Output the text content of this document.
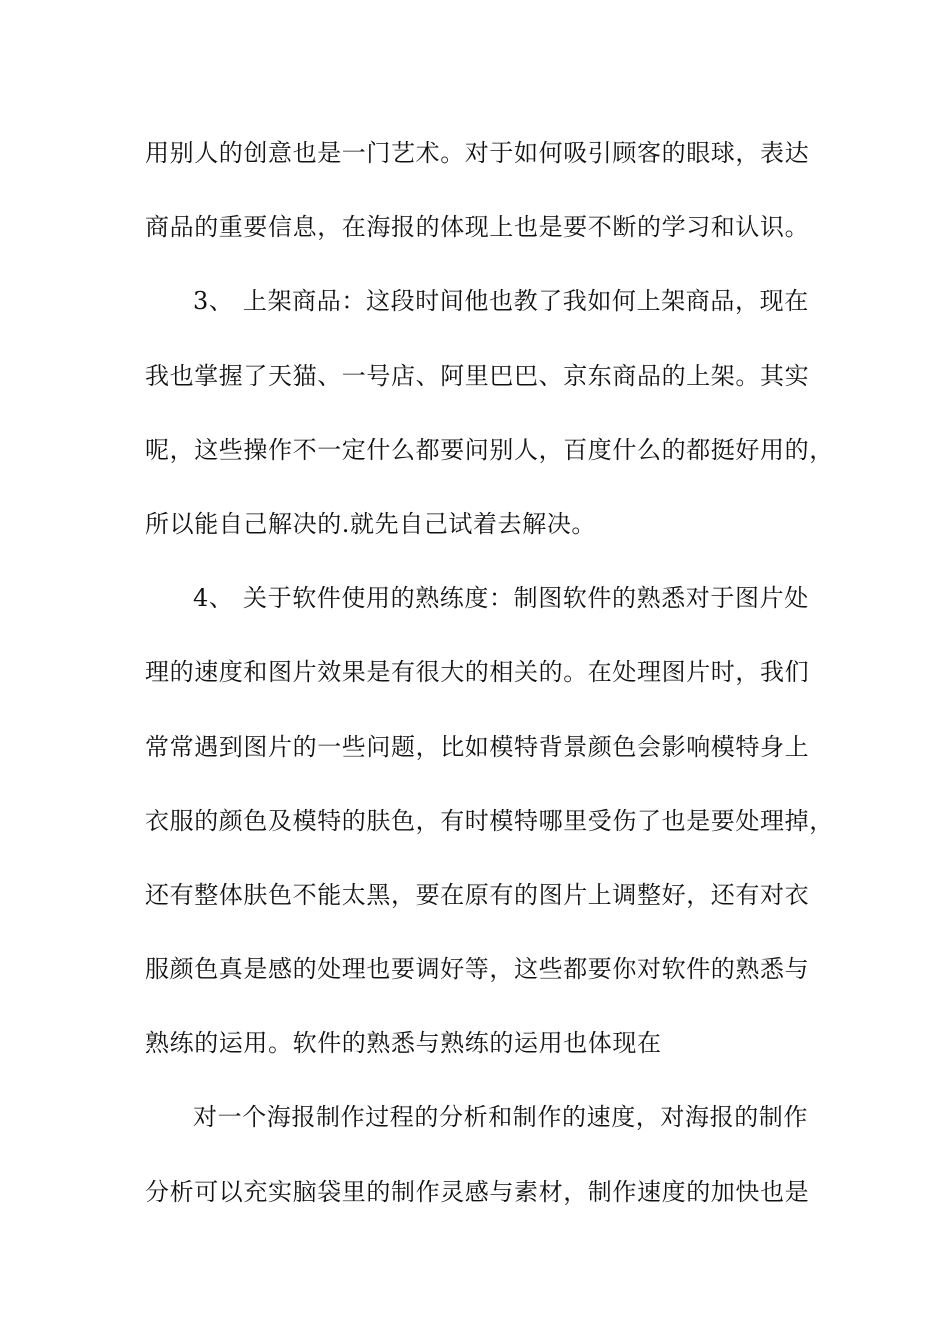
用别人的创意也是一门艺术。对于如何吸引顾客的眼球，表达
商品的重要信息，在海报的体现上也是要不断的学习和认识。
3、 上架商品：这段时间他也教了我如何上架商品，现在
我也掌握了天猫、一号店、阿里巴巴、京东商品的上架。其实
呢，这些操作不一定什么都要问别人，百度什么的都挺好用的，
所以能自己解决的.就先自己试着去解决。
4、 关于软件使用的熟练度：制图软件的熟悉对于图片处
理的速度和图片效果是有很大的相关的。在处理图片时，我们
常常遇到图片的一些问题，比如模特背景颜色会影响模特身上
衣服的颜色及模特的肤色，有时模特哪里受伤了也是要处理掉，
还有整体肤色不能太黑，要在原有的图片上调整好，还有对衣
服颜色真是感的处理也要调好等，这些都要你对软件的熟悉与
熟练的运用。软件的熟悉与熟练的运用也体现在
对一个海报制作过程的分析和制作的速度，对海报的制作
分析可以充实脑袋里的制作灵感与素材，制作速度的加快也是
